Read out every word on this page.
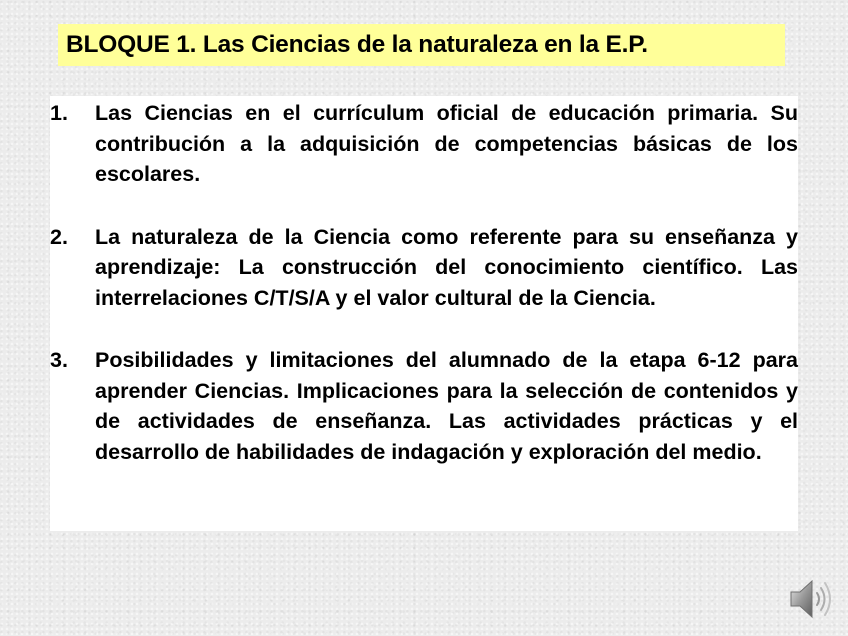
BLOQUE 1. Las Ciencias de la naturaleza en la E.P.
1.	Las Ciencias en el currículum oficial de educación primaria. Su contribución a la adquisición de competencias básicas de los escolares.
2.	La naturaleza de la Ciencia como referente para su enseñanza y aprendizaje: La construcción del conocimiento científico. Las interrelaciones C/T/S/A y el valor cultural de la Ciencia.
3.	Posibilidades y limitaciones del alumnado de la etapa 6-12 para aprender Ciencias. Implicaciones para la selección de contenidos y de actividades de enseñanza. Las actividades prácticas y el desarrollo de habilidades de indagación y exploración del medio.
